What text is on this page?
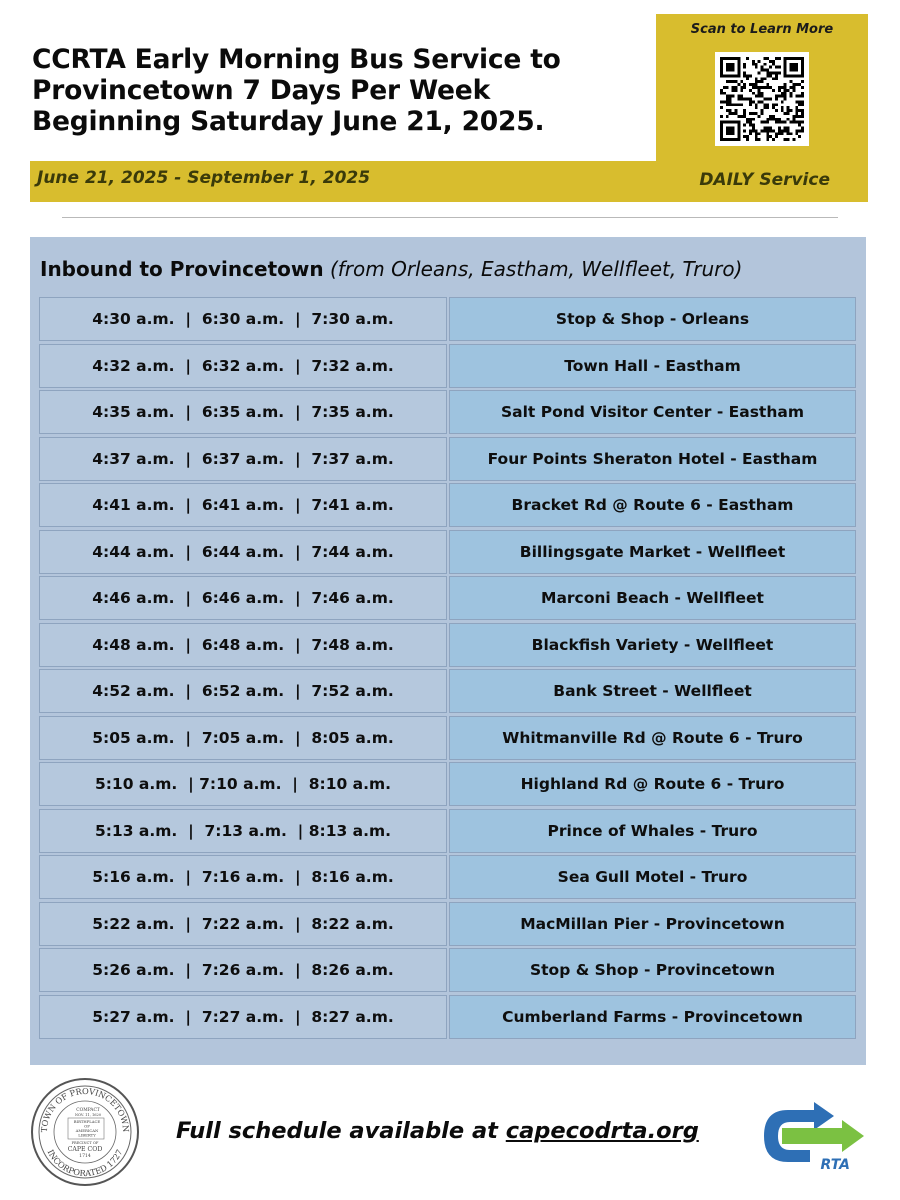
CCRTA Early Morning Bus Service to
Provincetown 7 Days Per Week
Beginning Saturday June 21, 2025.
Scan to Learn More
June 21, 2025 - September 1, 2025	DAILY Service
Inbound to Provincetown (from Orleans, Eastham, Wellfleet, Truro)
4:30 a.m.  |  6:30 a.m.  |  7:30 a.m.	Stop & Shop - Orleans
4:32 a.m.  |  6:32 a.m.  |  7:32 a.m.	Town Hall - Eastham
4:35 a.m.  |  6:35 a.m.  |  7:35 a.m.	Salt Pond Visitor Center - Eastham
4:37 a.m.  |  6:37 a.m.  |  7:37 a.m.	Four Points Sheraton Hotel - Eastham
4:41 a.m.  |  6:41 a.m.  |  7:41 a.m.	Bracket Rd @ Route 6 - Eastham
4:44 a.m.  |  6:44 a.m.  |  7:44 a.m.	Billingsgate Market - Wellfleet
4:46 a.m.  |  6:46 a.m.  |  7:46 a.m.	Marconi Beach - Wellfleet
4:48 a.m.  |  6:48 a.m.  |  7:48 a.m.	Blackfish Variety - Wellfleet
4:52 a.m.  |  6:52 a.m.  |  7:52 a.m.	Bank Street - Wellfleet
5:05 a.m.  |  7:05 a.m.  |  8:05 a.m.	Whitmanville Rd @ Route 6 - Truro
5:10 a.m.  | 7:10 a.m.  |  8:10 a.m.	Highland Rd @ Route 6 - Truro
5:13 a.m.  |  7:13 a.m.  | 8:13 a.m.	Prince of Whales - Truro
5:16 a.m.  |  7:16 a.m.  |  8:16 a.m.	Sea Gull Motel - Truro
5:22 a.m.  |  7:22 a.m.  |  8:22 a.m.	MacMillan Pier - Provincetown
5:26 a.m.  |  7:26 a.m.  |  8:26 a.m.	Stop & Shop - Provincetown
5:27 a.m.  |  7:27 a.m.  |  8:27 a.m.	Cumberland Farms - Provincetown
TOWN OF PROVINCETOWN
INCORPORATED 1727
COMPACT
NOV. 11, 1620
BIRTHPLACE
OF
AMERICAN
LIBERTY
PRECINCT OF
CAPE COD
1714
Full schedule available at capecodrta.org
RTA
